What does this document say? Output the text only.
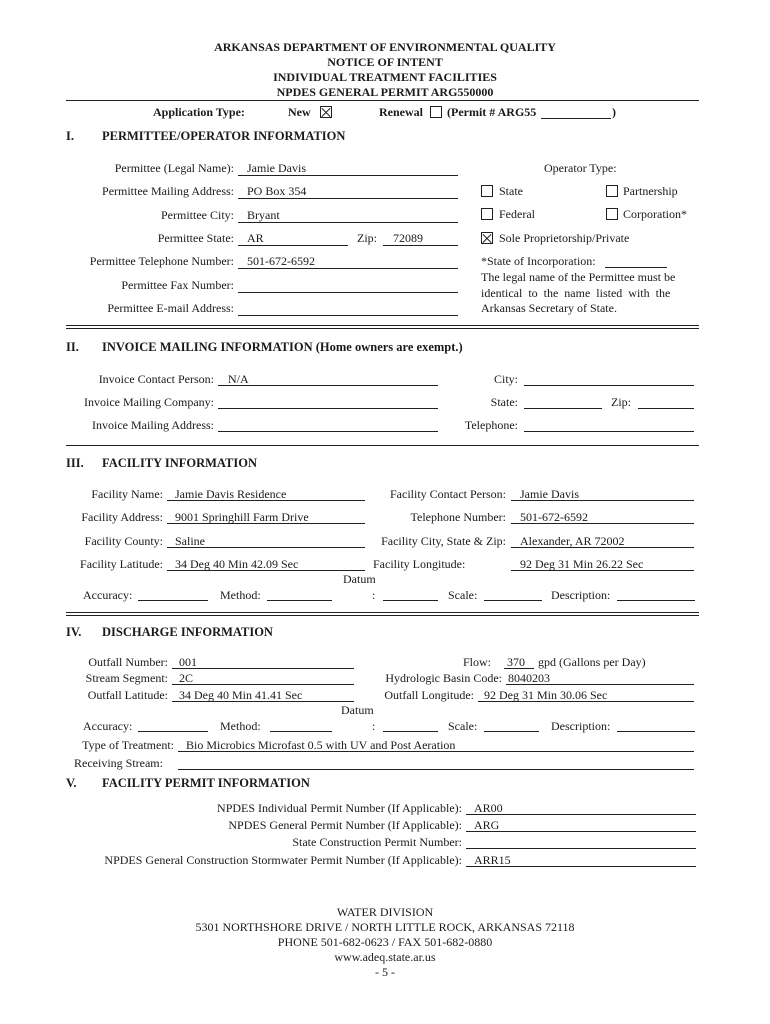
ARKANSAS DEPARTMENT OF ENVIRONMENTAL QUALITY
NOTICE OF INTENT
INDIVIDUAL TREATMENT FACILITIES
NPDES GENERAL PERMIT ARG550000
Application Type:	New	Renewal (Permit # ARG55	)
I. PERMITTEE/OPERATOR INFORMATION
Permittee (Legal Name): Jamie Davis
Permittee Mailing Address: PO Box 354
Permittee City: Bryant
Permittee State: AR	Zip: 72089
Permittee Telephone Number: 501-672-6592
Permittee Fax Number:
Permittee E-mail Address:
Operator Type:
State	Partnership
Federal	Corporation*
Sole Proprietorship/Private
*State of Incorporation:
The legal name of the Permittee must be
identical to the name listed with the
Arkansas Secretary of State.
II. INVOICE MAILING INFORMATION (Home owners are exempt.)
Invoice Contact Person: N/A
Invoice Mailing Company:
Invoice Mailing Address:
City:
State:	Zip:
Telephone:
III. FACILITY INFORMATION
Facility Name: Jamie Davis Residence
Facility Address: 9001 Springhill Farm Drive
Facility County: Saline
Facility Latitude: 34 Deg 40 Min 42.09 Sec
Facility Contact Person: Jamie Davis
Telephone Number: 501-672-6592
Facility City, State & Zip: Alexander, AR 72002
Facility Longitude:	92 Deg 31 Min 26.22 Sec
Datum
Accuracy:	Method:	:	Scale:	Description:
IV. DISCHARGE INFORMATION
Outfall Number: 001
Stream Segment: 2C
Outfall Latitude: 34 Deg 40 Min 41.41 Sec
Flow: 370 gpd (Gallons per Day)
Hydrologic Basin Code: 8040203
Outfall Longitude: 92 Deg 31 Min 30.06 Sec
Datum
Accuracy:	Method:	:	Scale:	Description:
Type of Treatment: Bio Microbics Microfast 0.5 with UV and Post Aeration
Receiving Stream:
V. FACILITY PERMIT INFORMATION
NPDES Individual Permit Number (If Applicable): AR00
NPDES General Permit Number (If Applicable): ARG
State Construction Permit Number:
NPDES General Construction Stormwater Permit Number (If Applicable): ARR15
WATER DIVISION
5301 NORTHSHORE DRIVE / NORTH LITTLE ROCK, ARKANSAS 72118
PHONE 501-682-0623 / FAX 501-682-0880
www.adeq.state.ar.us
- 5 -
